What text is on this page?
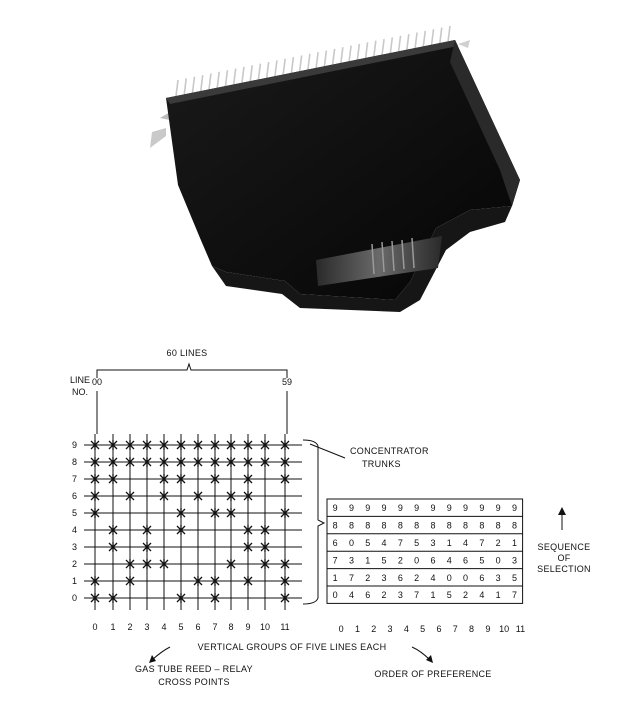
60 LINES
LINE
NO.
00	59
0
1
2
3
4
5
6
7
8
9
0 1 2 3 4 5 6 7 8 9 10 11
CONCENTRATOR
TRUNKS
9 9 9 9 9 9 9 9 9 9 9 9
8 8 8 8 8 8 8 8 8 8 8 8
6 0 5 4 7 5 3 1 4 7 2 1
7 3 1 5 2 0 6 4 6 5 0 3
1 7 2 3 6 2 4 0 0 6 3 5
0 4 6 2 3 7 1 5 2 4 1 7
0 1 2 3 4 5 6 7 8 9 10 11
SEQUENCE
OF
SELECTION
VERTICAL GROUPS OF FIVE LINES EACH
GAS TUBE REED – RELAY
CROSS POINTS
ORDER OF PREFERENCE
